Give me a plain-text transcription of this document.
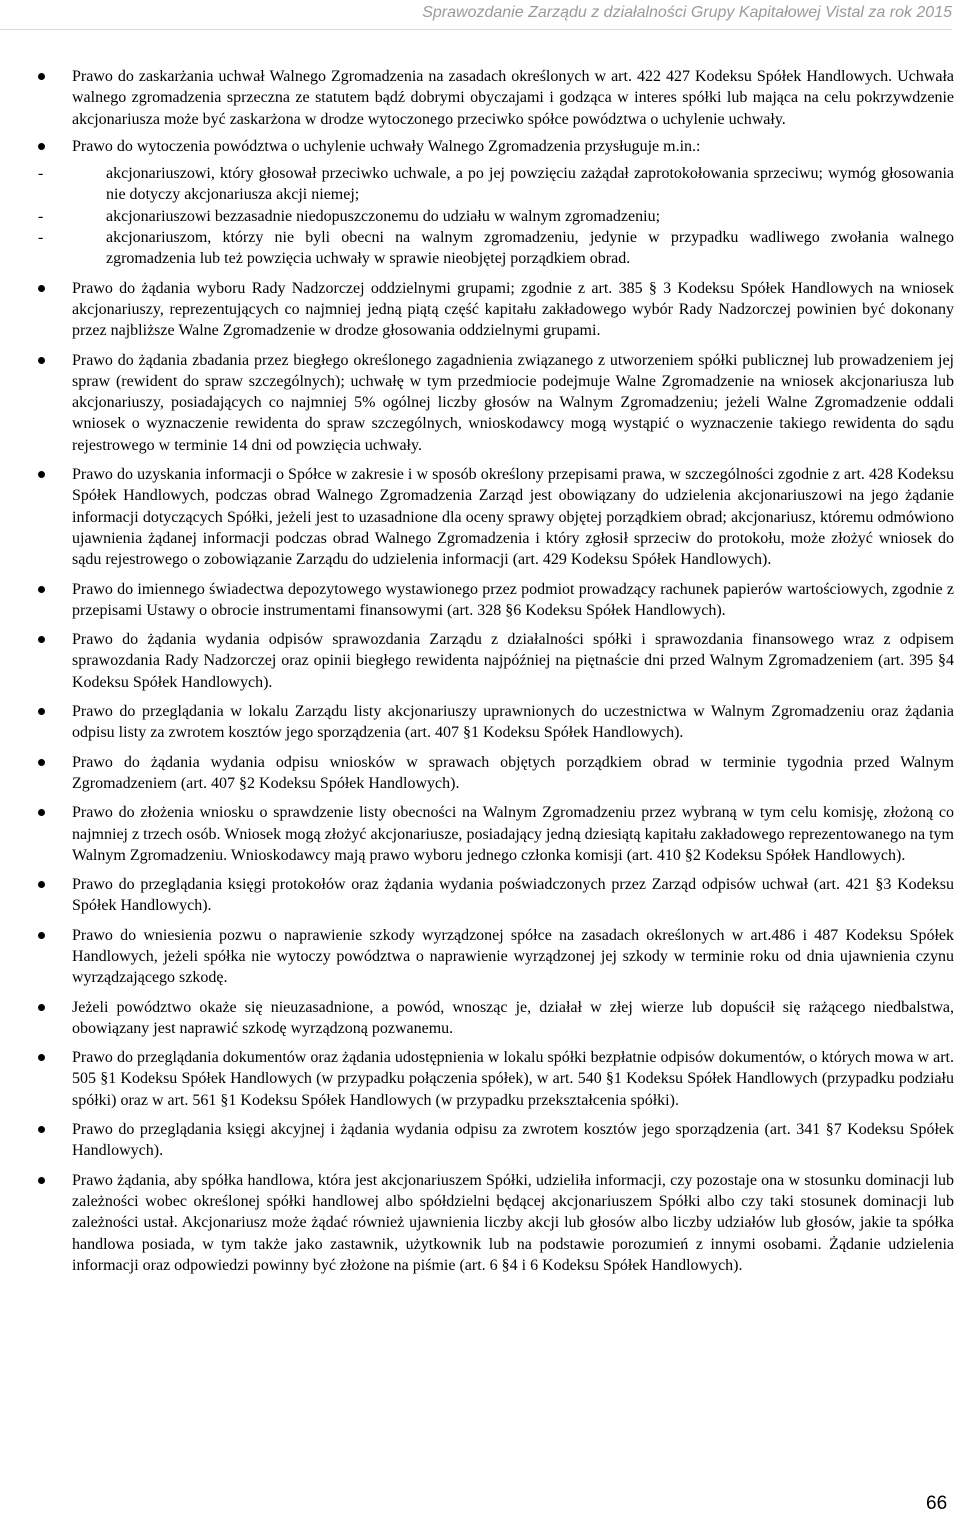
Sprawozdanie Zarządu z działalności Grupy Kapitałowej Vistal za rok 2015
Prawo do zaskarżania uchwał Walnego Zgromadzenia na zasadach określonych w art. 422 427 Kodeksu Spółek Handlowych. Uchwała walnego zgromadzenia sprzeczna ze statutem bądź dobrymi obyczajami i godząca w interes spółki lub mająca na celu pokrzywdzenie akcjonariusza może być zaskarżona w drodze wytoczonego przeciwko spółce powództwa o uchylenie uchwały.
Prawo do wytoczenia powództwa o uchylenie uchwały Walnego Zgromadzenia przysługuje m.in.:
- akcjonariuszowi, który głosował przeciwko uchwale, a po jej powzięciu zażądał zaprotokołowania sprzeciwu; wymóg głosowania nie dotyczy akcjonariusza akcji niemej;
- akcjonariuszowi bezzasadnie niedopuszczonemu do udziału w walnym zgromadzeniu;
- akcjonariuszom, którzy nie byli obecni na walnym zgromadzeniu, jedynie w przypadku wadliwego zwołania walnego zgromadzenia lub też powzięcia uchwały w sprawie nieobjętej porządkiem obrad.
Prawo do żądania wyboru Rady Nadzorczej oddzielnymi grupami; zgodnie z art. 385 § 3 Kodeksu Spółek Handlowych na wniosek akcjonariuszy, reprezentujących co najmniej jedną piątą część kapitału zakładowego wybór Rady Nadzorczej powinien być dokonany przez najbliższe Walne Zgromadzenie w drodze głosowania oddzielnymi grupami.
Prawo do żądania zbadania przez biegłego określonego zagadnienia związanego z utworzeniem spółki publicznej lub prowadzeniem jej spraw (rewident do spraw szczególnych); uchwałę w tym przedmiocie podejmuje Walne Zgromadzenie na wniosek akcjonariusza lub akcjonariuszy, posiadających co najmniej 5% ogólnej liczby głosów na Walnym Zgromadzeniu; jeżeli Walne Zgromadzenie oddali wniosek o wyznaczenie rewidenta do spraw szczególnych, wnioskodawcy mogą wystąpić o wyznaczenie takiego rewidenta do sądu rejestrowego w terminie 14 dni od powzięcia uchwały.
Prawo do uzyskania informacji o Spółce w zakresie i w sposób określony przepisami prawa, w szczególności zgodnie z art. 428 Kodeksu Spółek Handlowych, podczas obrad Walnego Zgromadzenia Zarząd jest obowiązany do udzielenia akcjonariuszowi na jego żądanie informacji dotyczących Spółki, jeżeli jest to uzasadnione dla oceny sprawy objętej porządkiem obrad; akcjonariusz, któremu odmówiono ujawnienia żądanej informacji podczas obrad Walnego Zgromadzenia i który zgłosił sprzeciw do protokołu, może złożyć wniosek do sądu rejestrowego o zobowiązanie Zarządu do udzielenia informacji (art. 429 Kodeksu Spółek Handlowych).
Prawo do imiennego świadectwa depozytowego wystawionego przez podmiot prowadzący rachunek papierów wartościowych, zgodnie z przepisami Ustawy o obrocie instrumentami finansowymi (art. 328 §6 Kodeksu Spółek Handlowych).
Prawo do żądania wydania odpisów sprawozdania Zarządu z działalności spółki i sprawozdania finansowego wraz z odpisem sprawozdania Rady Nadzorczej oraz opinii biegłego rewidenta najpóźniej na piętnaście dni przed Walnym Zgromadzeniem (art. 395 §4 Kodeksu Spółek Handlowych).
Prawo do przeglądania w lokalu Zarządu listy akcjonariuszy uprawnionych do uczestnictwa w Walnym Zgromadzeniu oraz żądania odpisu listy za zwrotem kosztów jego sporządzenia (art. 407 §1 Kodeksu Spółek Handlowych).
Prawo do żądania wydania odpisu wniosków w sprawach objętych porządkiem obrad w terminie tygodnia przed Walnym Zgromadzeniem (art. 407 §2 Kodeksu Spółek Handlowych).
Prawo do złożenia wniosku o sprawdzenie listy obecności na Walnym Zgromadzeniu przez wybraną w tym celu komisję, złożoną co najmniej z trzech osób. Wniosek mogą złożyć akcjonariusze, posiadający jedną dziesiątą kapitału zakładowego reprezentowanego na tym Walnym Zgromadzeniu. Wnioskodawcy mają prawo wyboru jednego członka komisji (art. 410 §2 Kodeksu Spółek Handlowych).
Prawo do przeglądania księgi protokołów oraz żądania wydania poświadczonych przez Zarząd odpisów uchwał (art. 421 §3 Kodeksu Spółek Handlowych).
Prawo do wniesienia pozwu o naprawienie szkody wyrządzonej spółce na zasadach określonych w art.486 i 487 Kodeksu Spółek Handlowych, jeżeli spółka nie wytoczy powództwa o naprawienie wyrządzonej jej szkody w terminie roku od dnia ujawnienia czynu wyrządzającego szkodę.
Jeżeli powództwo okaże się nieuzasadnione, a powód, wnosząc je, działał w złej wierze lub dopuścił się rażącego niedbalstwa, obowiązany jest naprawić szkodę wyrządzoną pozwanemu.
Prawo do przeglądania dokumentów oraz żądania udostępnienia w lokalu spółki bezpłatnie odpisów dokumentów, o których mowa w art. 505 §1 Kodeksu Spółek Handlowych (w przypadku połączenia spółek), w art. 540 §1 Kodeksu Spółek Handlowych (przypadku podziału spółki) oraz w art. 561 §1 Kodeksu Spółek Handlowych (w przypadku przekształcenia spółki).
Prawo do przeglądania księgi akcyjnej i żądania wydania odpisu za zwrotem kosztów jego sporządzenia (art. 341 §7 Kodeksu Spółek Handlowych).
Prawo żądania, aby spółka handlowa, która jest akcjonariuszem Spółki, udzieliła informacji, czy pozostaje ona w stosunku dominacji lub zależności wobec określonej spółki handlowej albo spółdzielni będącej akcjonariuszem Spółki albo czy taki stosunek dominacji lub zależności ustał. Akcjonariusz może żądać również ujawnienia liczby akcji lub głosów albo liczby udziałów lub głosów, jakie ta spółka handlowa posiada, w tym także jako zastawnik, użytkownik lub na podstawie porozumień z innymi osobami. Żądanie udzielenia informacji oraz odpowiedzi powinny być złożone na piśmie (art. 6 §4 i 6 Kodeksu Spółek Handlowych).
66
